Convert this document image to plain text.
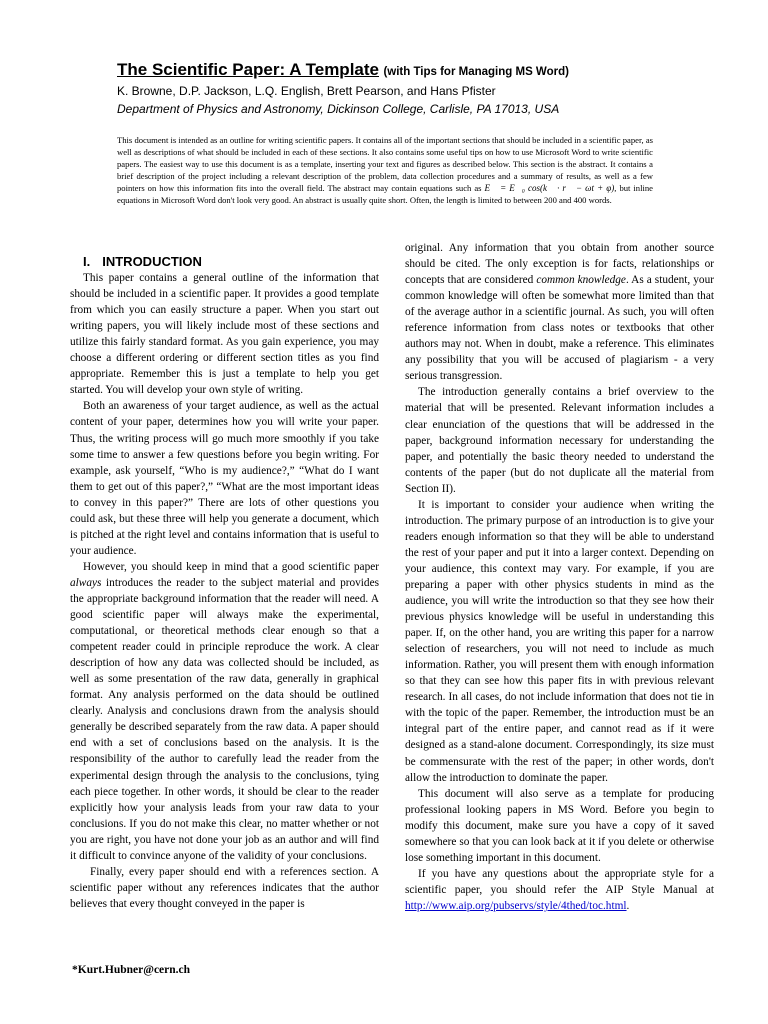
The Scientific Paper: A Template (with Tips for Managing MS Word)
K. Browne, D.P. Jackson, L.Q. English, Brett Pearson, and Hans Pfister
Department of Physics and Astronomy, Dickinson College, Carlisle, PA 17013, USA
This document is intended as an outline for writing scientific papers. It contains all of the important sections that should be included in a scientific paper, as well as descriptions of what should be included in each of these sections. It also contains some useful tips on how to use Microsoft Word to write scientific papers. The easiest way to use this document is as a template, inserting your text and figures as described below. This section is the abstract. It contains a brief description of the project including a relevant description of the problem, data collection procedures and a summary of results, as well as a few pointers on how this information fits into the overall field. The abstract may contain equations such as E⃗ = E⃗₀ cos(k⃗ · r⃗ − ωt + φ), but inline equations in Microsoft Word don't look very good. An abstract is usually quite short. Often, the length is limited to between 200 and 400 words.

I. INTRODUCTION

This paper contains a general outline of the information that should be included in a scientific paper. It provides a good template from which you can easily structure a paper. When you start out writing papers, you will likely include most of these sections and utilize this fairly standard format. As you gain experience, you may choose a different ordering or different section titles as you find appropriate. Remember this is just a template to help you get started. You will develop your own style of writing.

Both an awareness of your target audience, as well as the actual content of your paper, determines how you will write your paper. Thus, the writing process will go much more smoothly if you take some time to answer a few questions before you begin writing. For example, ask yourself, “Who is my audience?,” “What do I want them to get out of this paper?,” “What are the most important ideas to convey in this paper?” There are lots of other questions you could ask, but these three will help you generate a document, which is pitched at the right level and contains information that is useful to your audience.

However, you should keep in mind that a good scientific paper always introduces the reader to the subject material and provides the appropriate background information that the reader will need. A good scientific paper will always make the experimental, computational, or theoretical methods clear enough so that a competent reader could in principle reproduce the work. A clear description of how any data was collected should be included, as well as some presentation of the raw data, generally in graphical format. Any analysis performed on the data should be outlined clearly. Analysis and conclusions drawn from the analysis should generally be described separately from the raw data. A paper should end with a set of conclusions based on the analysis. It is the responsibility of the author to carefully lead the reader from the experimental design through the analysis to the conclusions, tying each piece together. In other words, it should be clear to the reader explicitly how your analysis leads from your raw data to your conclusions. If you do not make this clear, no matter whether or not you are right, you have not done your job as an author and will find it difficult to convince anyone of the validity of your conclusions.

Finally, every paper should end with a references section. A scientific paper without any references indicates that the author believes that every thought conveyed in the paper is

original. Any information that you obtain from another source should be cited. The only exception is for facts, relationships or concepts that are considered common knowledge. As a student, your common knowledge will often be somewhat more limited than that of the average author in a scientific journal. As such, you will often reference information from class notes or textbooks that other authors may not. When in doubt, make a reference. This eliminates any possibility that you will be accused of plagiarism - a very serious transgression.

The introduction generally contains a brief overview to the material that will be presented. Relevant information includes a clear enunciation of the questions that will be addressed in the paper, background information necessary for understanding the paper, and potentially the basic theory needed to understand the contents of the paper (but do not duplicate all the material from Section II).

It is important to consider your audience when writing the introduction. The primary purpose of an introduction is to give your readers enough information so that they will be able to understand the rest of your paper and put it into a larger context. Depending on your audience, this context may vary. For example, if you are preparing a paper with other physics students in mind as the audience, you will write the introduction so that they see how their previous physics knowledge will be useful in understanding this paper. If, on the other hand, you are writing this paper for a narrow selection of researchers, you will not need to include as much information. Rather, you will present them with enough information so that they can see how this paper fits in with previous relevant research. In all cases, do not include information that does not tie in with the topic of the paper. Remember, the introduction must be an integral part of the entire paper, and cannot read as if it were designed as a stand-alone document. Correspondingly, its size must be commensurate with the rest of the paper; in other words, don't allow the introduction to dominate the paper.

This document will also serve as a template for producing professional looking papers in MS Word. Before you begin to modify this document, make sure you have a copy of it saved somewhere so that you can look back at it if you delete or otherwise lose something important in this document.

If you have any questions about the appropriate style for a scientific paper, you should refer the AIP Style Manual at http://www.aip.org/pubservs/style/4thed/toc.html.

*Kurt.Hubner@cern.ch
